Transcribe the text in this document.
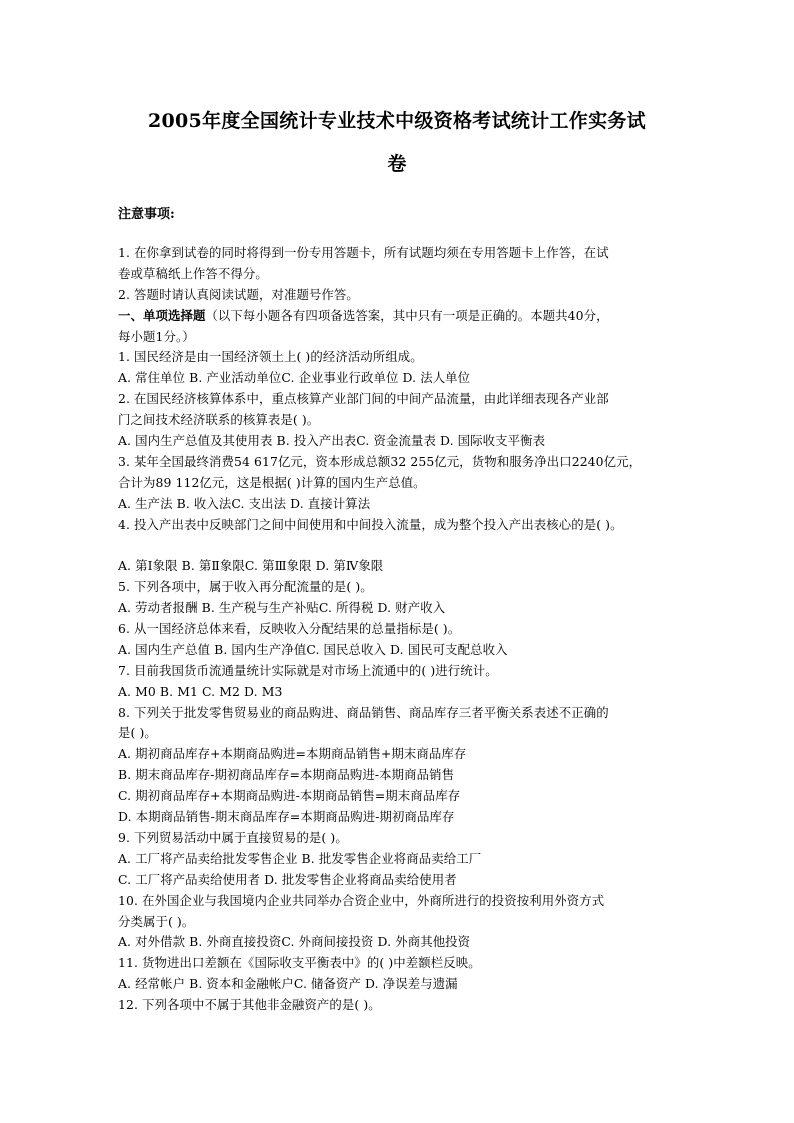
2005年度全国统计专业技术中级资格考试统计工作实务试
卷
注意事项:
1. 在你拿到试卷的同时将得到一份专用答题卡，所有试题均须在专用答题卡上作答，在试
卷或草稿纸上作答不得分。
2. 答题时请认真阅读试题，对准题号作答。
一、单项选择题（以下每小题各有四项备选答案，其中只有一项是正确的。本题共40分，
每小题1分。）
1. 国民经济是由一国经济领土上( )的经济活动所组成。
A. 常住单位 B. 产业活动单位C. 企业事业行政单位 D. 法人单位
2. 在国民经济核算体系中，重点核算产业部门间的中间产品流量，由此详细表现各产业部
门之间技术经济联系的核算表是( )。
A. 国内生产总值及其使用表 B. 投入产出表C. 资金流量表 D. 国际收支平衡表
3. 某年全国最终消费54 617亿元，资本形成总额32 255亿元，货物和服务净出口2240亿元，
合计为89 112亿元，这是根据( )计算的国内生产总值。
A. 生产法 B. 收入法C. 支出法 D. 直接计算法
4. 投入产出表中反映部门之间中间使用和中间投入流量，成为整个投入产出表核心的是( )。
A. 第Ⅰ象限 B. 第Ⅱ象限C. 第Ⅲ象限 D. 第Ⅳ象限
5. 下列各项中，属于收入再分配流量的是( )。
A. 劳动者报酬 B. 生产税与生产补贴C. 所得税 D. 财产收入
6. 从一国经济总体来看，反映收入分配结果的总量指标是( )。
A. 国内生产总值 B. 国内生产净值C. 国民总收入 D. 国民可支配总收入
7. 目前我国货币流通量统计实际就是对市场上流通中的( )进行统计。
A. M0 B. M1 C. M2 D. M3
8. 下列关于批发零售贸易业的商品购进、商品销售、商品库存三者平衡关系表述不正确的
是( )。
A. 期初商品库存+本期商品购进=本期商品销售+期末商品库存
B. 期末商品库存-期初商品库存=本期商品购进-本期商品销售
C. 期初商品库存+本期商品购进-本期商品销售=期末商品库存
D. 本期商品销售-期末商品库存=本期商品购进-期初商品库存
9. 下列贸易活动中属于直接贸易的是( )。
A. 工厂将产品卖给批发零售企业 B. 批发零售企业将商品卖给工厂
C. 工厂将产品卖给使用者 D. 批发零售企业将商品卖给使用者
10. 在外国企业与我国境内企业共同举办合资企业中，外商所进行的投资按利用外资方式
分类属于( )。
A. 对外借款 B. 外商直接投资C. 外商间接投资 D. 外商其他投资
11. 货物进出口差额在《国际收支平衡表中》的( )中差额栏反映。
A. 经常帐户 B. 资本和金融帐户C. 储备资产 D. 净误差与遗漏
12. 下列各项中不属于其他非金融资产的是( )。
